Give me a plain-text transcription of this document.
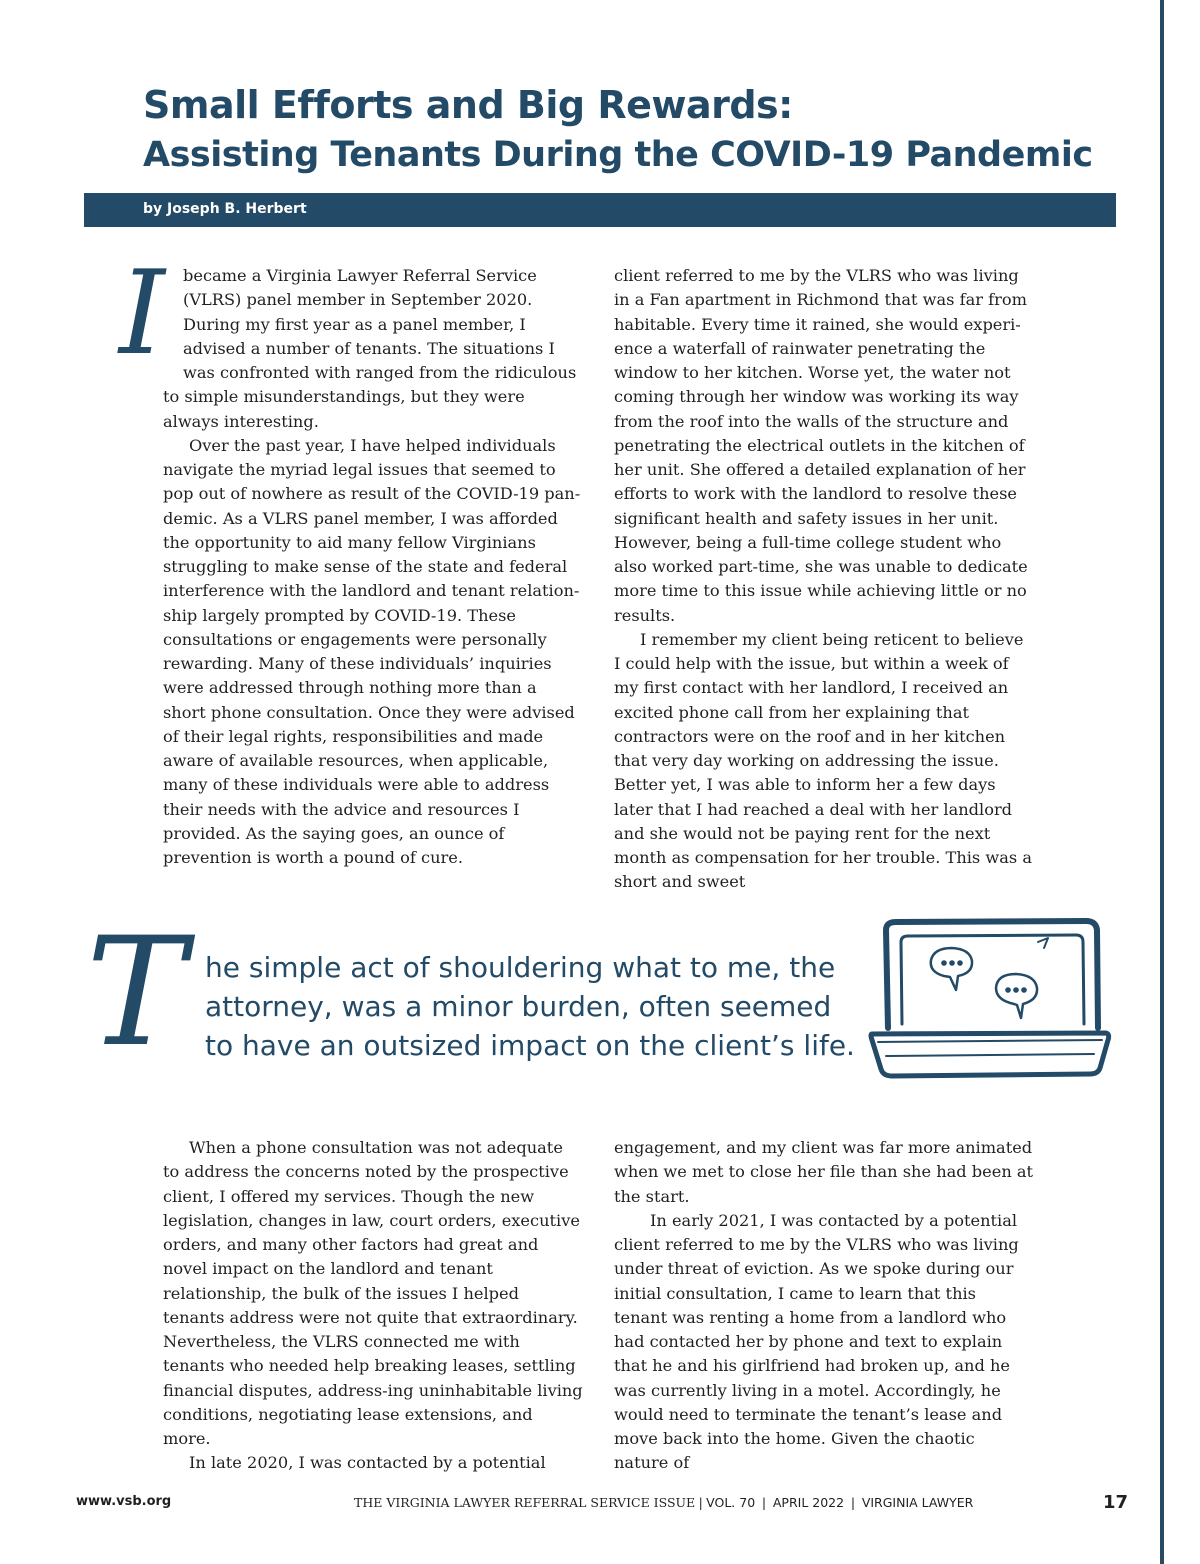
Small Efforts and Big Rewards:
Assisting Tenants During the COVID-19 Pandemic
by Joseph B. Herbert

I	became a Virginia Lawyer Referral Service (VLRS) panel member in September 2020. During my first year as a panel member, I advised a number of tenants. The situations I was confronted with ranged from the ridiculous to simple misunderstandings, but they were always interesting.

Over the past year, I have helped individuals navigate the myriad legal issues that seemed to pop out of nowhere as result of the COVID-19 pan-demic. As a VLRS panel member, I was afforded the opportunity to aid many fellow Virginians struggling to make sense of the state and federal interference with the landlord and tenant relation-ship largely prompted by COVID-19. These consultations or engagements were personally rewarding. Many of these individuals’ inquiries were addressed through nothing more than a short phone consultation. Once they were advised of their legal rights, responsibilities and made aware of available resources, when applicable, many of these individuals were able to address their needs with the advice and resources I provided. As the saying goes, an ounce of prevention is worth a pound of cure.

client referred to me by the VLRS who was living in a Fan apartment in Richmond that was far from habitable. Every time it rained, she would experi-ence a waterfall of rainwater penetrating the window to her kitchen. Worse yet, the water not coming through her window was working its way from the roof into the walls of the structure and penetrating the electrical outlets in the kitchen of her unit. She offered a detailed explanation of her efforts to work with the landlord to resolve these significant health and safety issues in her unit. However, being a full-time college student who also worked part-time, she was unable to dedicate more time to this issue while achieving little or no results.

I remember my client being reticent to believe I could help with the issue, but within a week of my first contact with her landlord, I received an excited phone call from her explaining that contractors were on the roof and in her kitchen that very day working on addressing the issue. Better yet, I was able to inform her a few days later that I had reached a deal with her landlord and she would not be paying rent for the next month as compensation for her trouble. This was a short and sweet

T he simple act of shouldering what to me, the
attorney, was a minor burden, often seemed
to have an outsized impact on the client’s life.

When a phone consultation was not adequate to address the concerns noted by the prospective client, I offered my services. Though the new legislation, changes in law, court orders, executive orders, and many other factors had great and novel impact on the landlord and tenant relationship, the bulk of the issues I helped tenants address were not quite that extraordinary. Nevertheless, the VLRS connected me with tenants who needed help breaking leases, settling financial disputes, address-ing uninhabitable living conditions, negotiating lease extensions, and more.

In late 2020, I was contacted by a potential

engagement, and my client was far more animated when we met to close her file than she had been at the start.

In early 2021, I was contacted by a potential client referred to me by the VLRS who was living under threat of eviction. As we spoke during our initial consultation, I came to learn that this tenant was renting a home from a landlord who had contacted her by phone and text to explain that he and his girlfriend had broken up, and he was currently living in a motel. Accordingly, he would need to terminate the tenant’s lease and move back into the home. Given the chaotic nature of

www.vsb.org	THE VIRGINIA LAWYER REFERRAL SERVICE ISSUE | VOL. 70 | APRIL 2022 | VIRGINIA LAWYER	17
